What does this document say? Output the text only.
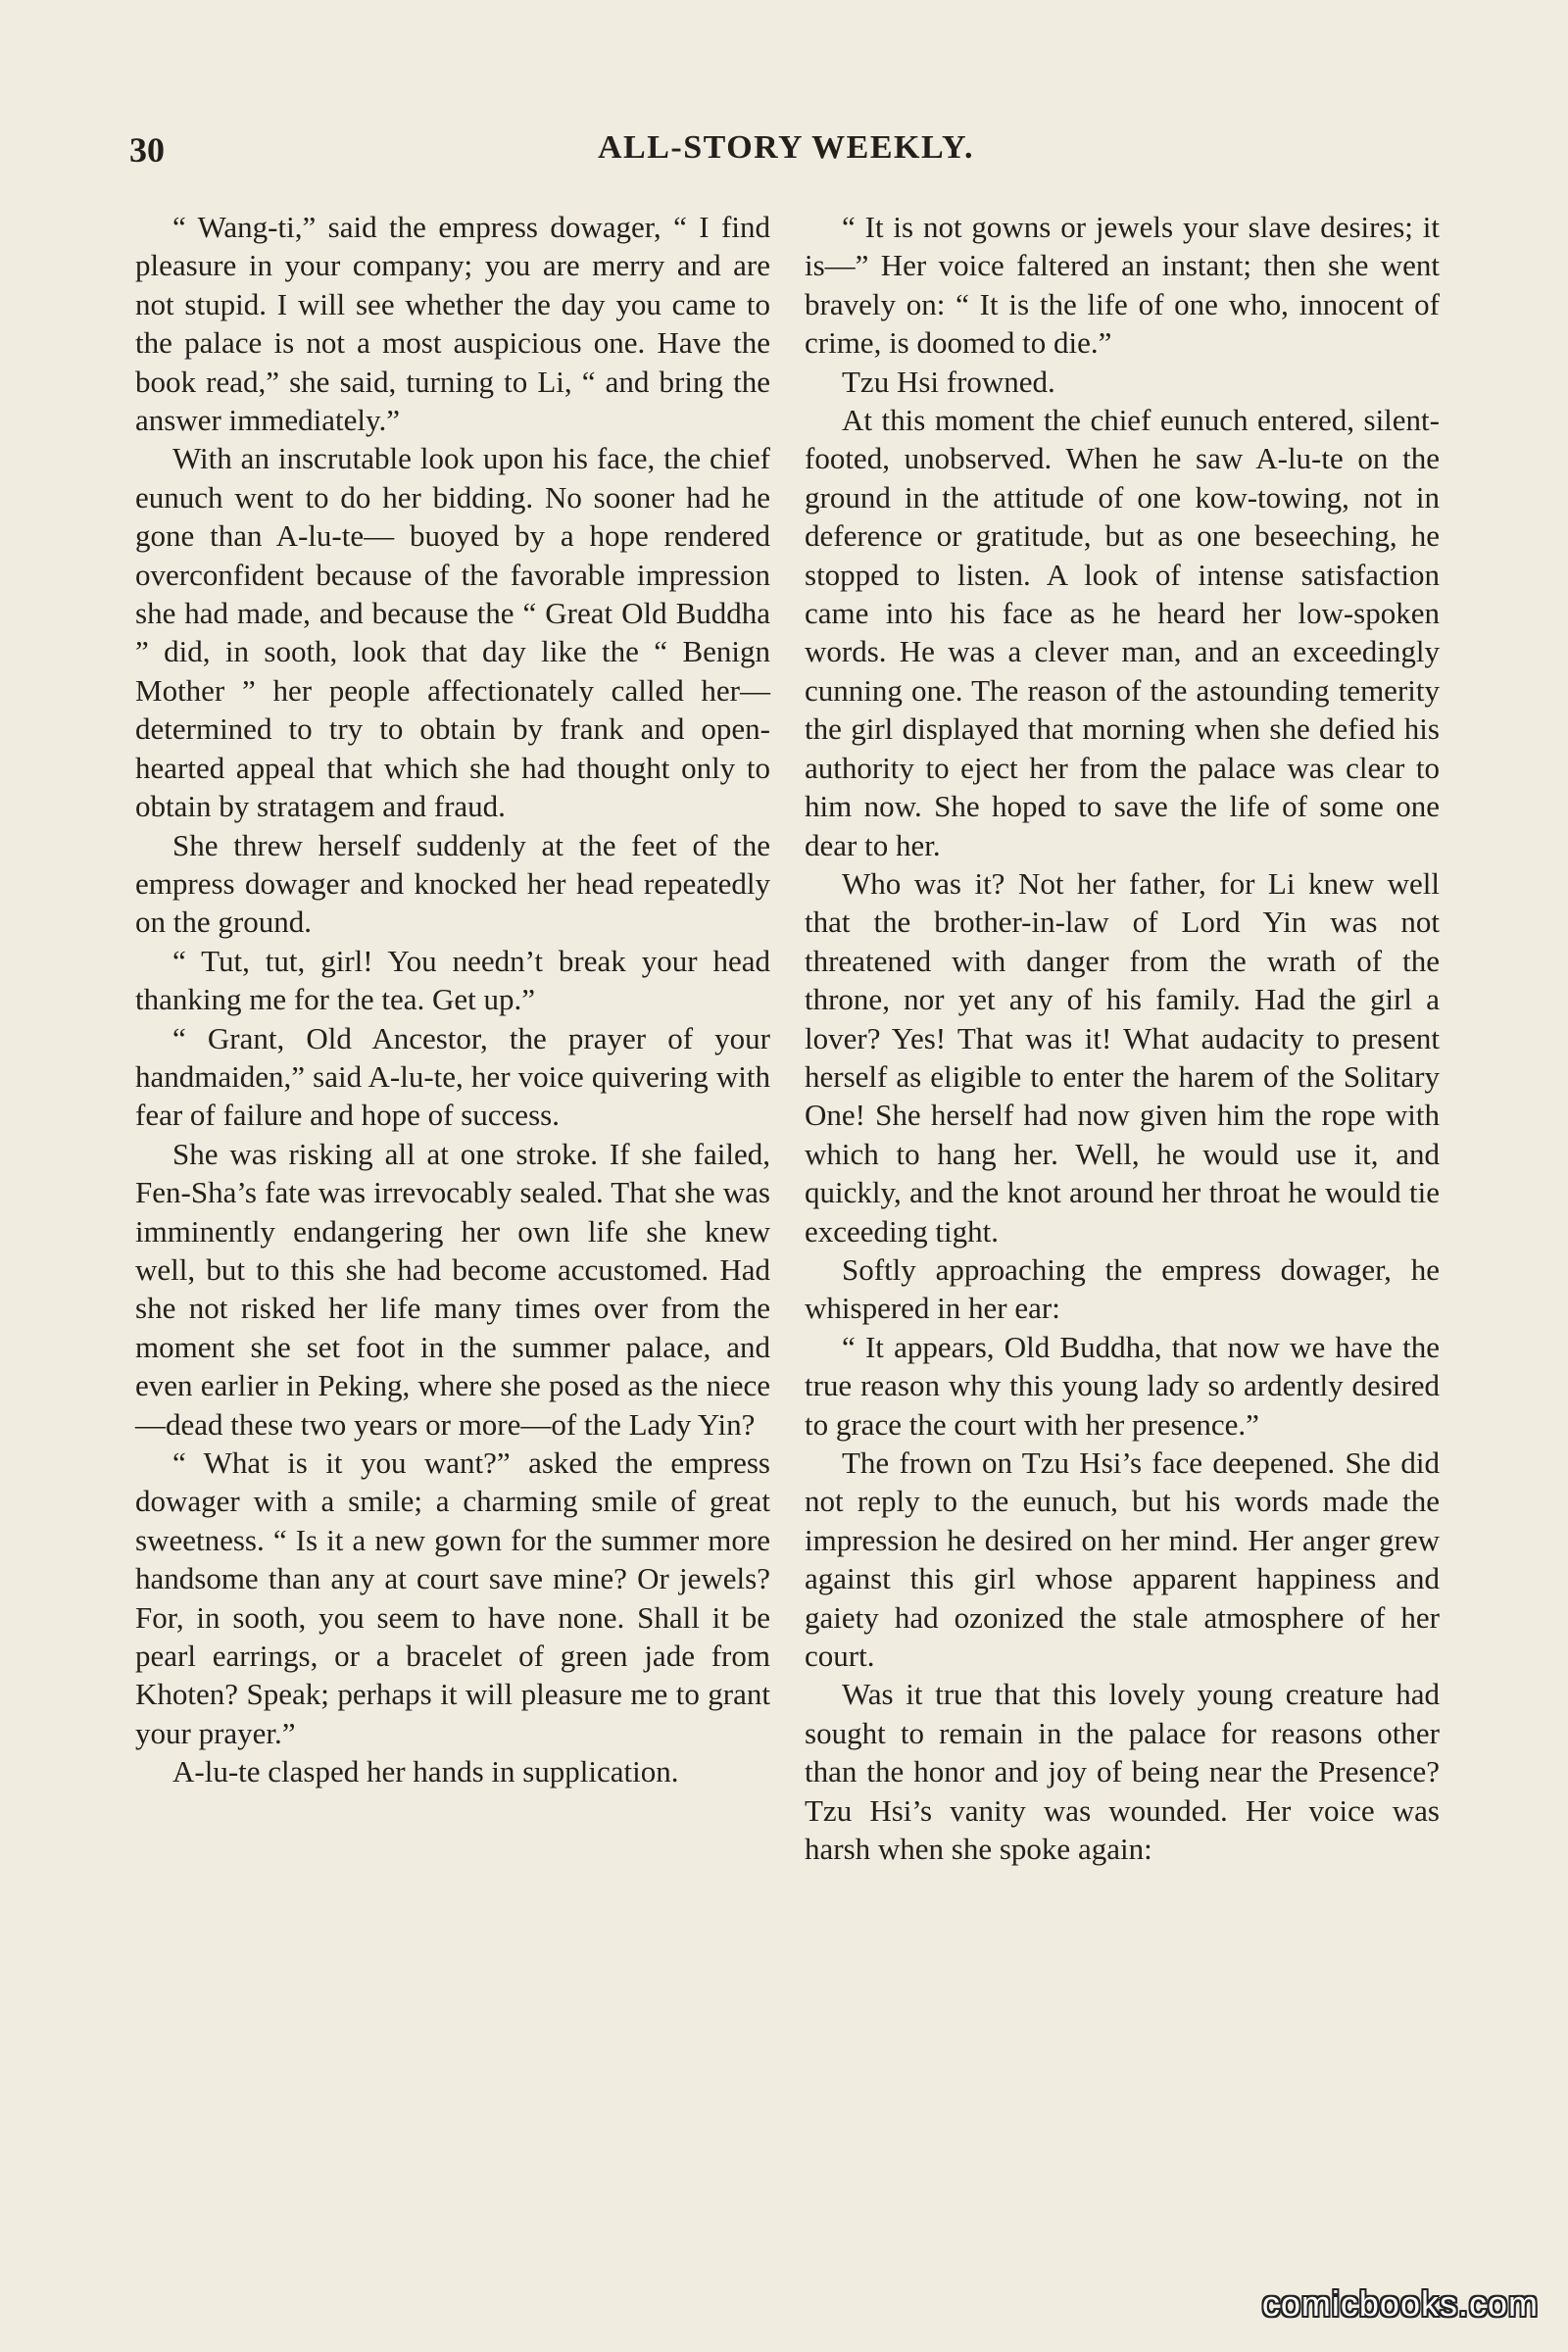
30	ALL-STORY WEEKLY.

“ Wang-ti,” said the empress dowager, “ I find pleasure in your company; you are merry and are not stupid. I will see whether the day you came to the palace is not a most auspicious one. Have the book read,” she said, turning to Li, “ and bring the answer immediately.”

With an inscrutable look upon his face, the chief eunuch went to do her bidding. No sooner had he gone than A-lu-te— buoyed by a hope rendered overconfident because of the favorable impression she had made, and because the “ Great Old Buddha ” did, in sooth, look that day like the “ Benign Mother ” her people affectionately called her—determined to try to obtain by frank and open-hearted appeal that which she had thought only to obtain by stratagem and fraud.

She threw herself suddenly at the feet of the empress dowager and knocked her head repeatedly on the ground.

“ Tut, tut, girl! You needn’t break your head thanking me for the tea. Get up.”

“ Grant, Old Ancestor, the prayer of your handmaiden,” said A-lu-te, her voice quivering with fear of failure and hope of success.

She was risking all at one stroke. If she failed, Fen-Sha’s fate was irrevocably sealed. That she was imminently endangering her own life she knew well, but to this she had become accustomed. Had she not risked her life many times over from the moment she set foot in the summer palace, and even earlier in Peking, where she posed as the niece—dead these two years or more—of the Lady Yin?

“ What is it you want?” asked the empress dowager with a smile; a charming smile of great sweetness. “ Is it a new gown for the summer more handsome than any at court save mine? Or jewels? For, in sooth, you seem to have none. Shall it be pearl earrings, or a bracelet of green jade from Khoten? Speak; perhaps it will pleasure me to grant your prayer.”

A-lu-te clasped her hands in supplication.

“ It is not gowns or jewels your slave desires; it is—” Her voice faltered an instant; then she went bravely on: “ It is the life of one who, innocent of crime, is doomed to die.”

Tzu Hsi frowned.

At this moment the chief eunuch entered, silent-footed, unobserved. When he saw A-lu-te on the ground in the attitude of one kow-towing, not in deference or gratitude, but as one beseeching, he stopped to listen. A look of intense satisfaction came into his face as he heard her low-spoken words. He was a clever man, and an exceedingly cunning one. The reason of the astounding temerity the girl displayed that morning when she defied his authority to eject her from the palace was clear to him now. She hoped to save the life of some one dear to her.

Who was it? Not her father, for Li knew well that the brother-in-law of Lord Yin was not threatened with danger from the wrath of the throne, nor yet any of his family. Had the girl a lover? Yes! That was it! What audacity to present herself as eligible to enter the harem of the Solitary One! She herself had now given him the rope with which to hang her. Well, he would use it, and quickly, and the knot around her throat he would tie exceeding tight.

Softly approaching the empress dowager, he whispered in her ear:

“ It appears, Old Buddha, that now we have the true reason why this young lady so ardently desired to grace the court with her presence.”

The frown on Tzu Hsi’s face deepened. She did not reply to the eunuch, but his words made the impression he desired on her mind. Her anger grew against this girl whose apparent happiness and gaiety had ozonized the stale atmosphere of her court.

Was it true that this lovely young creature had sought to remain in the palace for reasons other than the honor and joy of being near the Presence? Tzu Hsi’s vanity was wounded. Her voice was harsh when she spoke again:

comicbooks.com
